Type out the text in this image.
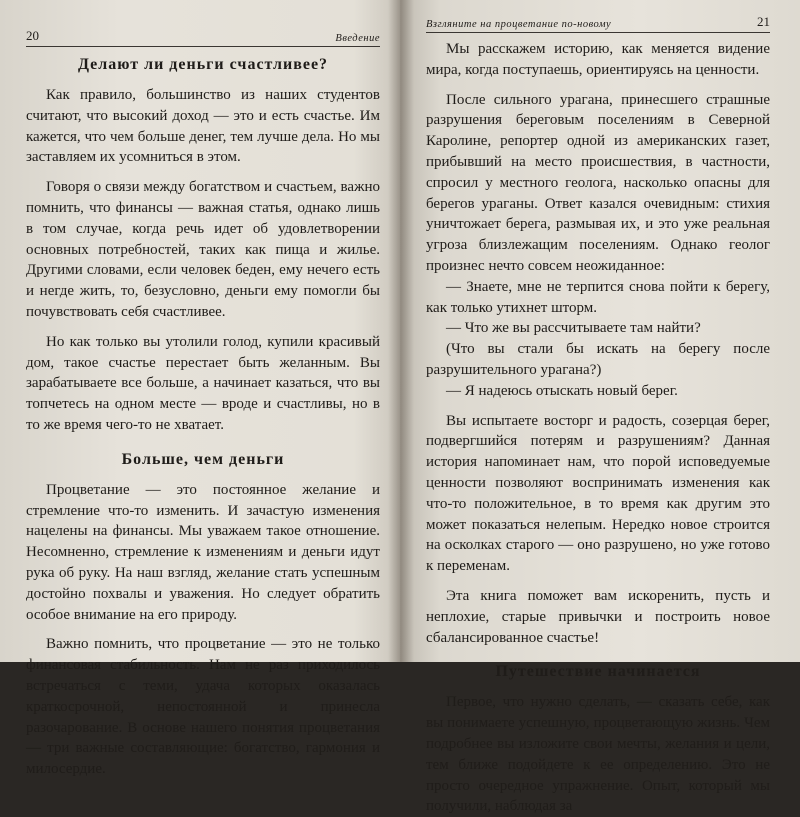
20	Введение
Делают ли деньги счастливее?

Как правило, большинство из наших студентов считают, что высокий доход — это и есть счастье. Им кажется, что чем больше денег, тем лучше дела. Но мы заставляем их усомниться в этом.

Говоря о связи между богатством и счастьем, важно помнить, что финансы — важная статья, однако лишь в том случае, когда речь идет об удовлетворении основных потребностей, таких как пища и жилье. Другими словами, если человек беден, ему нечего есть и негде жить, то, безусловно, деньги ему помогли бы почувствовать себя счастливее.

Но как только вы утолили голод, купили красивый дом, такое счастье перестает быть желанным. Вы зарабатываете все больше, а начинает казаться, что вы топчетесь на одном месте — вроде и счастливы, но в то же время чего-то не хватает.

Больше, чем деньги

Процветание — это постоянное желание и стремление что-то изменить. И зачастую изменения нацелены на финансы. Мы уважаем такое отношение. Несомненно, стремление к изменениям и деньги идут рука об руку. На наш взгляд, желание стать успешным достойно похвалы и уважения. Но следует обратить особое внимание на его природу.

Важно помнить, что процветание — это не только финансовая стабильность. Нам не раз приходилось встречаться с теми, удача которых оказалась краткосрочной, непостоянной и принесла разочарование. В основе нашего понятия процветания — три важные составляющие: богатство, гармония и милосердие.

Взгляните на процветание по-новому	21

Мы расскажем историю, как меняется видение мира, когда поступаешь, ориентируясь на ценности.

После сильного урагана, принесшего страшные разрушения береговым поселениям в Северной Каролине, репортер одной из американских газет, прибывший на место происшествия, в частности, спросил у местного геолога, насколько опасны для берегов ураганы. Ответ казался очевидным: стихия уничтожает берега, размывая их, и это уже реальная угроза близлежащим поселениям. Однако геолог произнес нечто совсем неожиданное:

— Знаете, мне не терпится снова пойти к берегу, как только утихнет шторм.

— Что же вы рассчитываете там найти?

(Что вы стали бы искать на берегу после разрушительного урагана?)

— Я надеюсь отыскать новый берег.

Вы испытаете восторг и радость, созерцая берег, подвергшийся потерям и разрушениям? Данная история напоминает нам, что порой исповедуемые ценности позволяют воспринимать изменения как что-то положительное, в то время как другим это может показаться нелепым. Нередко новое строится на осколках старого — оно разрушено, но уже готово к переменам.

Эта книга поможет вам искоренить, пусть и неплохие, старые привычки и построить новое сбалансированное счастье!

Путешествие начинается

Первое, что нужно сделать, — сказать себе, как вы понимаете успешную, процветающую жизнь. Чем подробнее вы изложите свои мечты, желания и цели, тем ближе подойдете к ее определению. Это не просто очередное упражнение. Опыт, который мы получили, наблюдая за
